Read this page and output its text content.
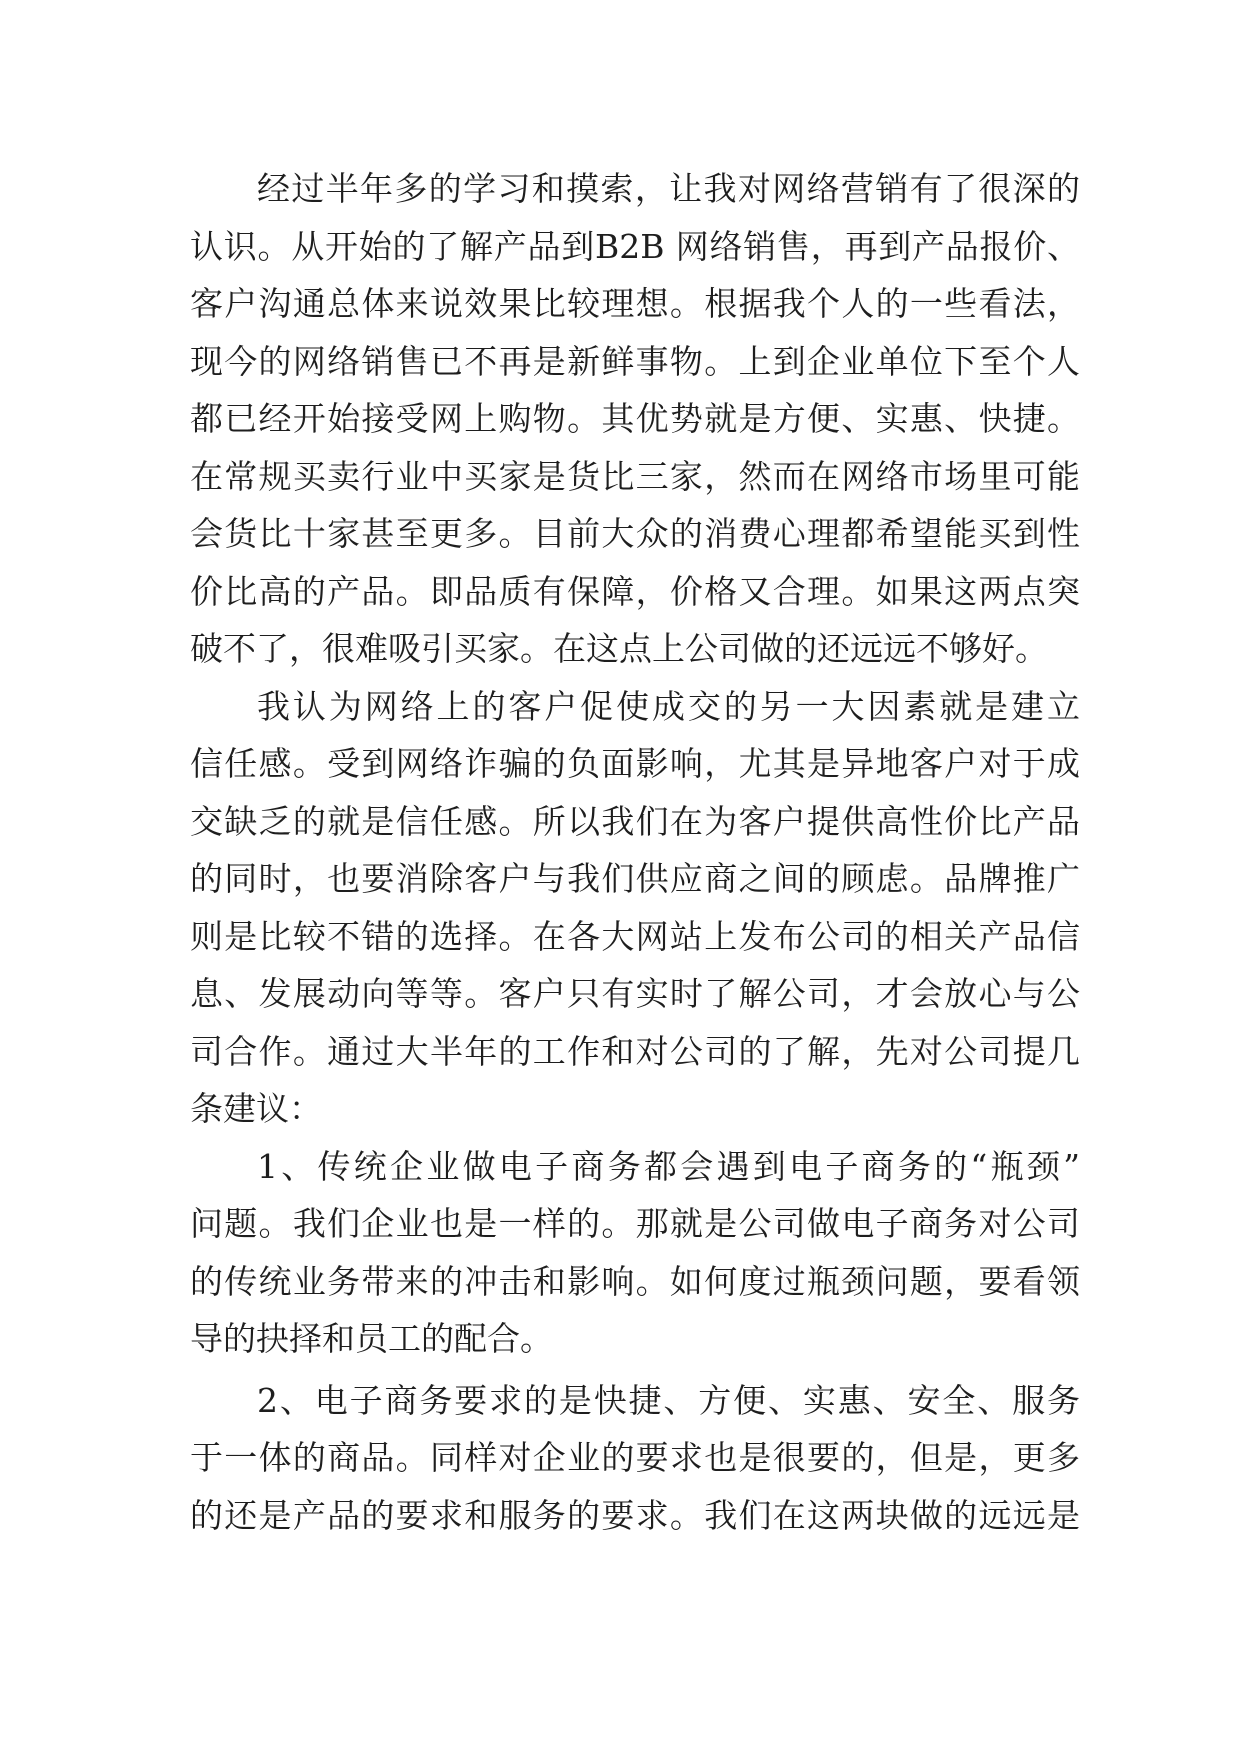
经过半年多的学习和摸索，让我对网络营销有了很深的
认识。从开始的了解产品到B2B 网络销售，再到产品报价、
客户沟通总体来说效果比较理想。根据我个人的一些看法，
现今的网络销售已不再是新鲜事物。上到企业单位下至个人
都已经开始接受网上购物。其优势就是方便、实惠、快捷。
在常规买卖行业中买家是货比三家，然而在网络市场里可能
会货比十家甚至更多。目前大众的消费心理都希望能买到性
价比高的产品。即品质有保障，价格又合理。如果这两点突
破不了，很难吸引买家。在这点上公司做的还远远不够好。
我认为网络上的客户促使成交的另一大因素就是建立
信任感。受到网络诈骗的负面影响，尤其是异地客户对于成
交缺乏的就是信任感。所以我们在为客户提供高性价比产品
的同时，也要消除客户与我们供应商之间的顾虑。品牌推广
则是比较不错的选择。在各大网站上发布公司的相关产品信
息、发展动向等等。客户只有实时了解公司，才会放心与公
司合作。通过大半年的工作和对公司的了解，先对公司提几
条建议：
1、传统企业做电子商务都会遇到电子商务的“瓶颈”
问题。我们企业也是一样的。那就是公司做电子商务对公司
的传统业务带来的冲击和影响。如何度过瓶颈问题，要看领
导的抉择和员工的配合。
2、电子商务要求的是快捷、方便、实惠、安全、服务
于一体的商品。同样对企业的要求也是很要的，但是，更多
的还是产品的要求和服务的要求。我们在这两块做的远远是
